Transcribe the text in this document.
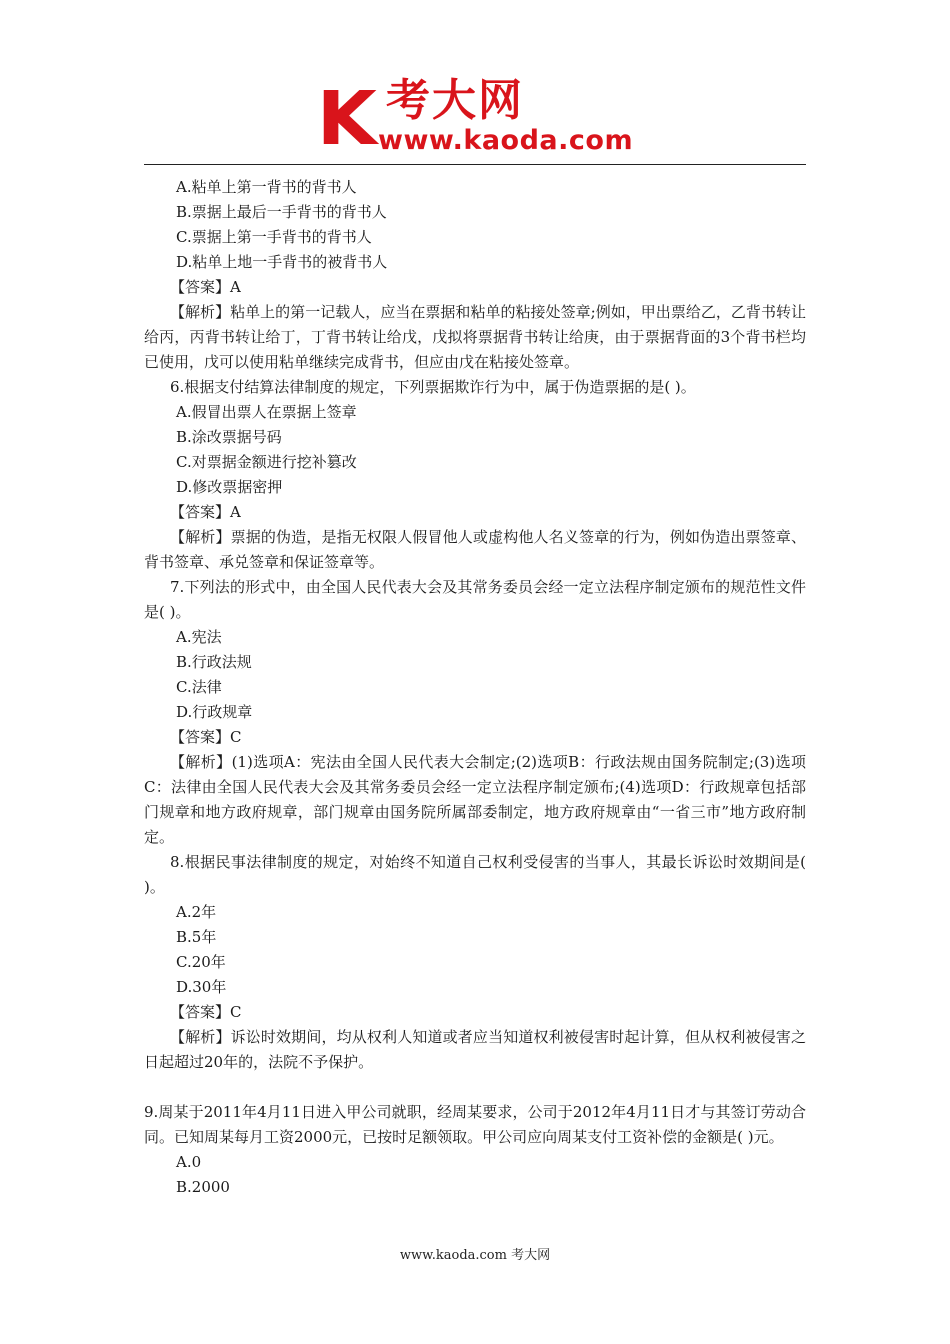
K 考大网
www.kaoda.com
A.粘单上第一背书的背书人
B.票据上最后一手背书的背书人
C.票据上第一手背书的背书人
D.粘单上地一手背书的被背书人
【答案】A
【解析】粘单上的第一记载人，应当在票据和粘单的粘接处签章;例如，甲出票给乙，乙背书转让给丙，丙背书转让给丁，丁背书转让给戊，戊拟将票据背书转让给庚，由于票据背面的3个背书栏均已使用，戊可以使用粘单继续完成背书，但应由戊在粘接处签章。
6.根据支付结算法律制度的规定，下列票据欺诈行为中，属于伪造票据的是( )。
A.假冒出票人在票据上签章
B.涂改票据号码
C.对票据金额进行挖补篡改
D.修改票据密押
【答案】A
【解析】票据的伪造，是指无权限人假冒他人或虚构他人名义签章的行为，例如伪造出票签章、背书签章、承兑签章和保证签章等。
7.下列法的形式中，由全国人民代表大会及其常务委员会经一定立法程序制定颁布的规范性文件是( )。
A.宪法
B.行政法规
C.法律
D.行政规章
【答案】C
【解析】(1)选项A：宪法由全国人民代表大会制定;(2)选项B：行政法规由国务院制定;(3)选项C：法律由全国人民代表大会及其常务委员会经一定立法程序制定颁布;(4)选项D：行政规章包括部门规章和地方政府规章，部门规章由国务院所属部委制定，地方政府规章由“一省三市”地方政府制定。
8.根据民事法律制度的规定，对始终不知道自己权利受侵害的当事人，其最长诉讼时效期间是( )。
A.2年
B.5年
C.20年
D.30年
【答案】C
【解析】诉讼时效期间，均从权利人知道或者应当知道权利被侵害时起计算，但从权利被侵害之日起超过20年的，法院不予保护。
9.周某于2011年4月11日进入甲公司就职，经周某要求，公司于2012年4月11日才与其签订劳动合同。已知周某每月工资2000元，已按时足额领取。甲公司应向周某支付工资补偿的金额是( )元。
A.0
B.2000
www.kaoda.com 考大网
